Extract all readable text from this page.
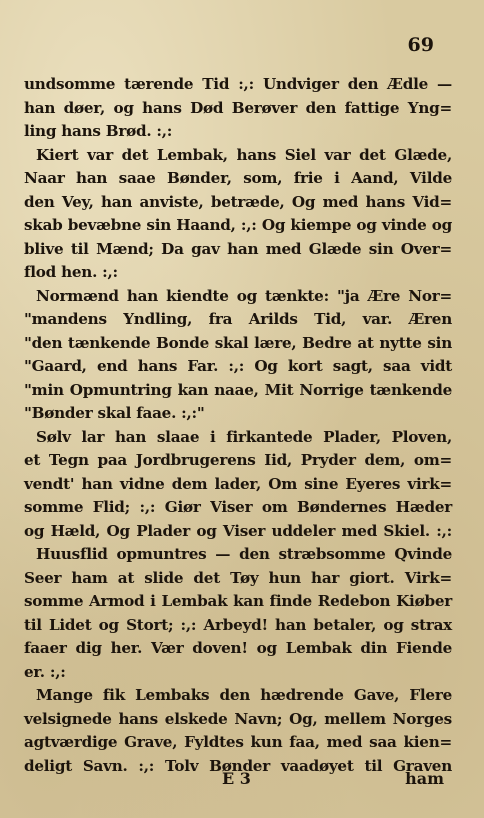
69
undsomme tærende Tid :,: Undviger den Ædle —
han døer, og hans Død Berøver den fattige Yng=
ling hans Brød. :,:
Kiert var det Lembak, hans Siel var det Glæde,
Naar han saae Bønder, som, frie i Aand, Vilde
den Vey, han anviste, betræde, Og med hans Vid=
skab bevæbne sin Haand, :,: Og kiempe og vinde og
blive til Mænd; Da gav han med Glæde sin Over=
flod hen. :,:
Normænd han kiendte og tænkte: "ja Ære Nor=
"mandens Yndling, fra Arilds Tid, var. Æren
"den tænkende Bonde skal lære, Bedre at nytte sin
"Gaard, end hans Far. :,: Og kort sagt, saa vidt
"min Opmuntring kan naae, Mit Norrige tænkende
"Bønder skal faae. :,:"
Sølv lar han slaae i firkantede Plader, Ploven,
et Tegn paa Jordbrugerens Iid, Pryder dem, om=
vendt' han vidne dem lader, Om sine Eyeres virk=
somme Flid; :,: Giør Viser om Bøndernes Hæder
og Hæld, Og Plader og Viser uddeler med Skiel. :,:
Huusflid opmuntres — den stræbsomme Qvinde
Seer ham at slide det Tøy hun har giort. Virk=
somme Armod i Lembak kan finde Redebon Kiøber
til Lidet og Stort; :,: Arbeyd! han betaler, og strax
faaer dig her. Vær doven! og Lembak din Fiende
er. :,:
Mange fik Lembaks den hædrende Gave, Flere
velsignede hans elskede Navn; Og, mellem Norges
agtværdige Grave, Fyldtes kun faa, med saa kien=
deligt Savn. :,: Tolv Bønder vaadøyet til Graven
E 3	ham
